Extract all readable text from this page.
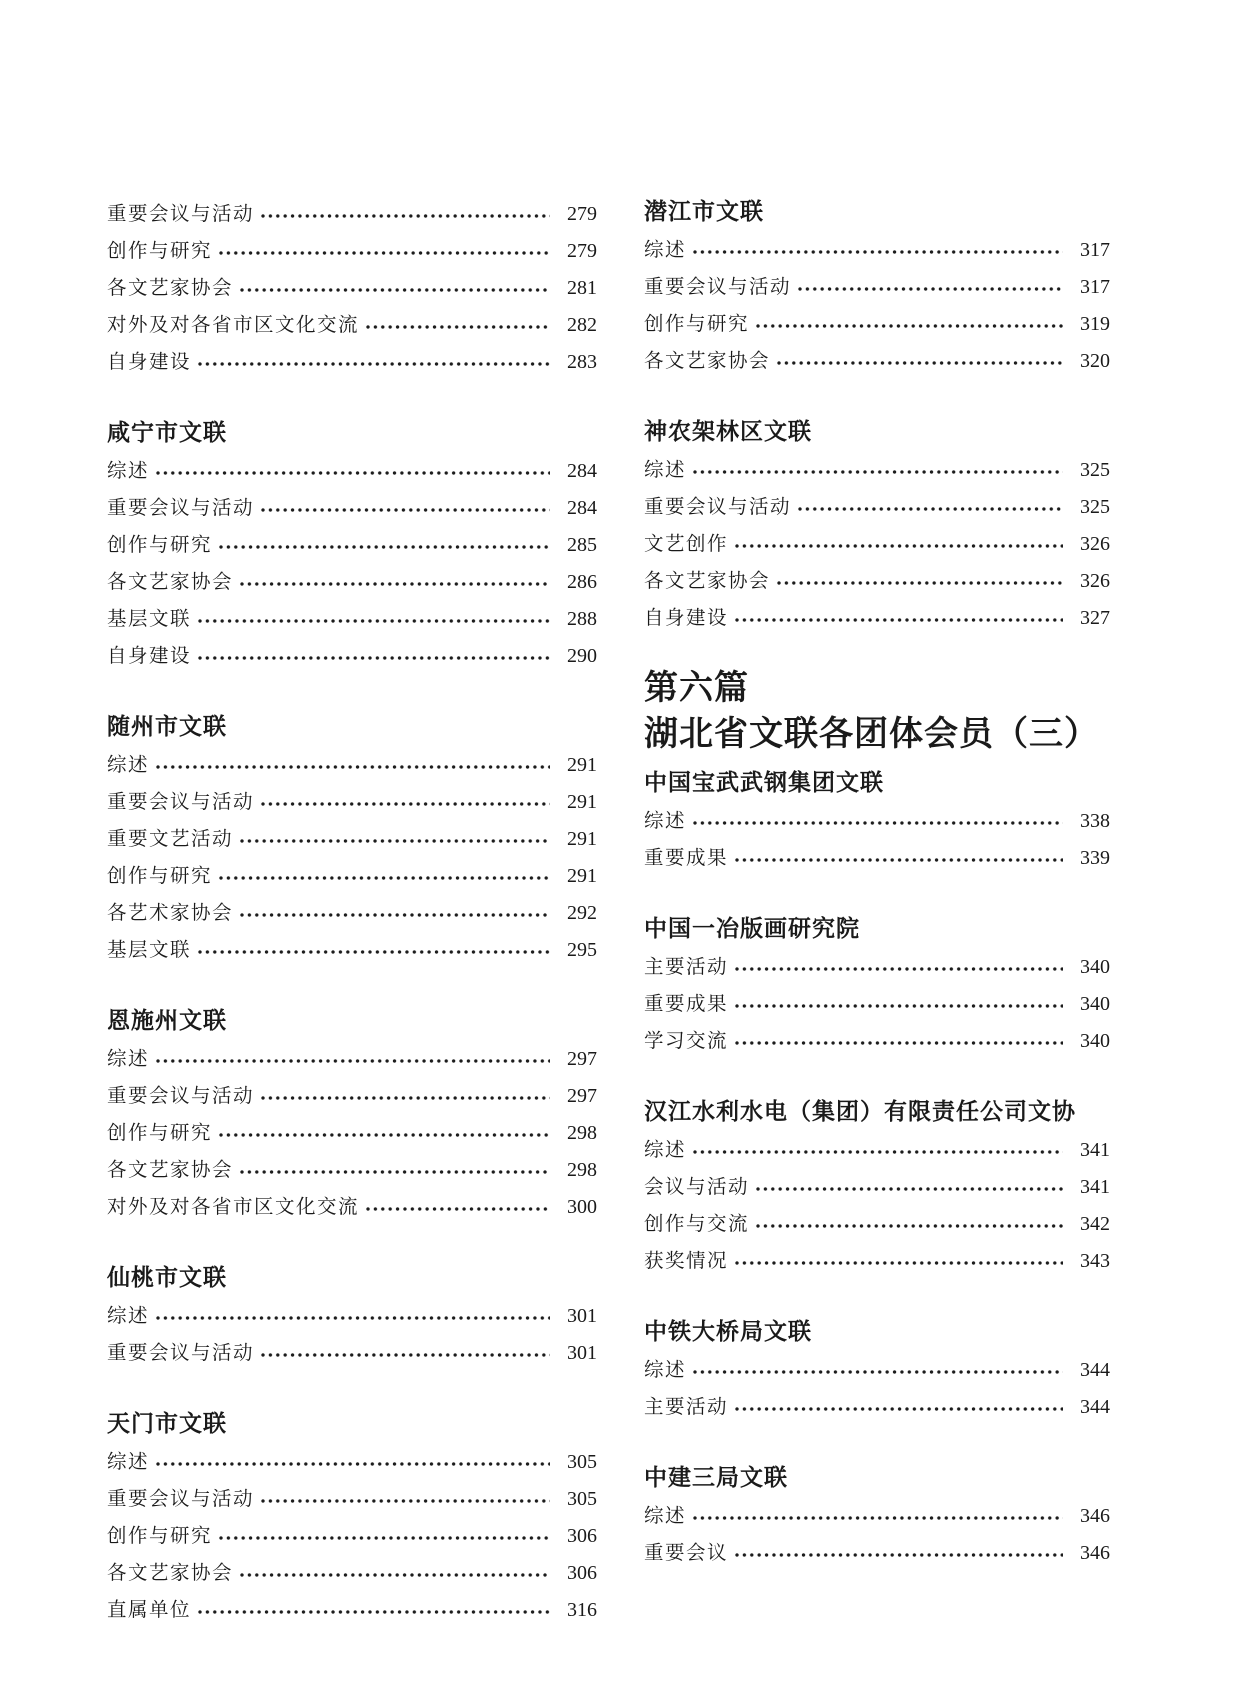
重要会议与活动	279
创作与研究	279
各文艺家协会	281
对外及对各省市区文化交流	282
自身建设	283
咸宁市文联
综述	284
重要会议与活动	284
创作与研究	285
各文艺家协会	286
基层文联	288
自身建设	290
随州市文联
综述	291
重要会议与活动	291
重要文艺活动	291
创作与研究	291
各艺术家协会	292
基层文联	295
恩施州文联
综述	297
重要会议与活动	297
创作与研究	298
各文艺家协会	298
对外及对各省市区文化交流	300
仙桃市文联
综述	301
重要会议与活动	301
天门市文联
综述	305
重要会议与活动	305
创作与研究	306
各文艺家协会	306
直属单位	316
潜江市文联
综述	317
重要会议与活动	317
创作与研究	319
各文艺家协会	320
神农架林区文联
综述	325
重要会议与活动	325
文艺创作	326
各文艺家协会	326
自身建设	327
第六篇
湖北省文联各团体会员（三）
中国宝武武钢集团文联
综述	338
重要成果	339
中国一冶版画研究院
主要活动	340
重要成果	340
学习交流	340
汉江水利水电（集团）有限责任公司文协
综述	341
会议与活动	341
创作与交流	342
获奖情况	343
中铁大桥局文联
综述	344
主要活动	344
中建三局文联
综述	346
重要会议	346
